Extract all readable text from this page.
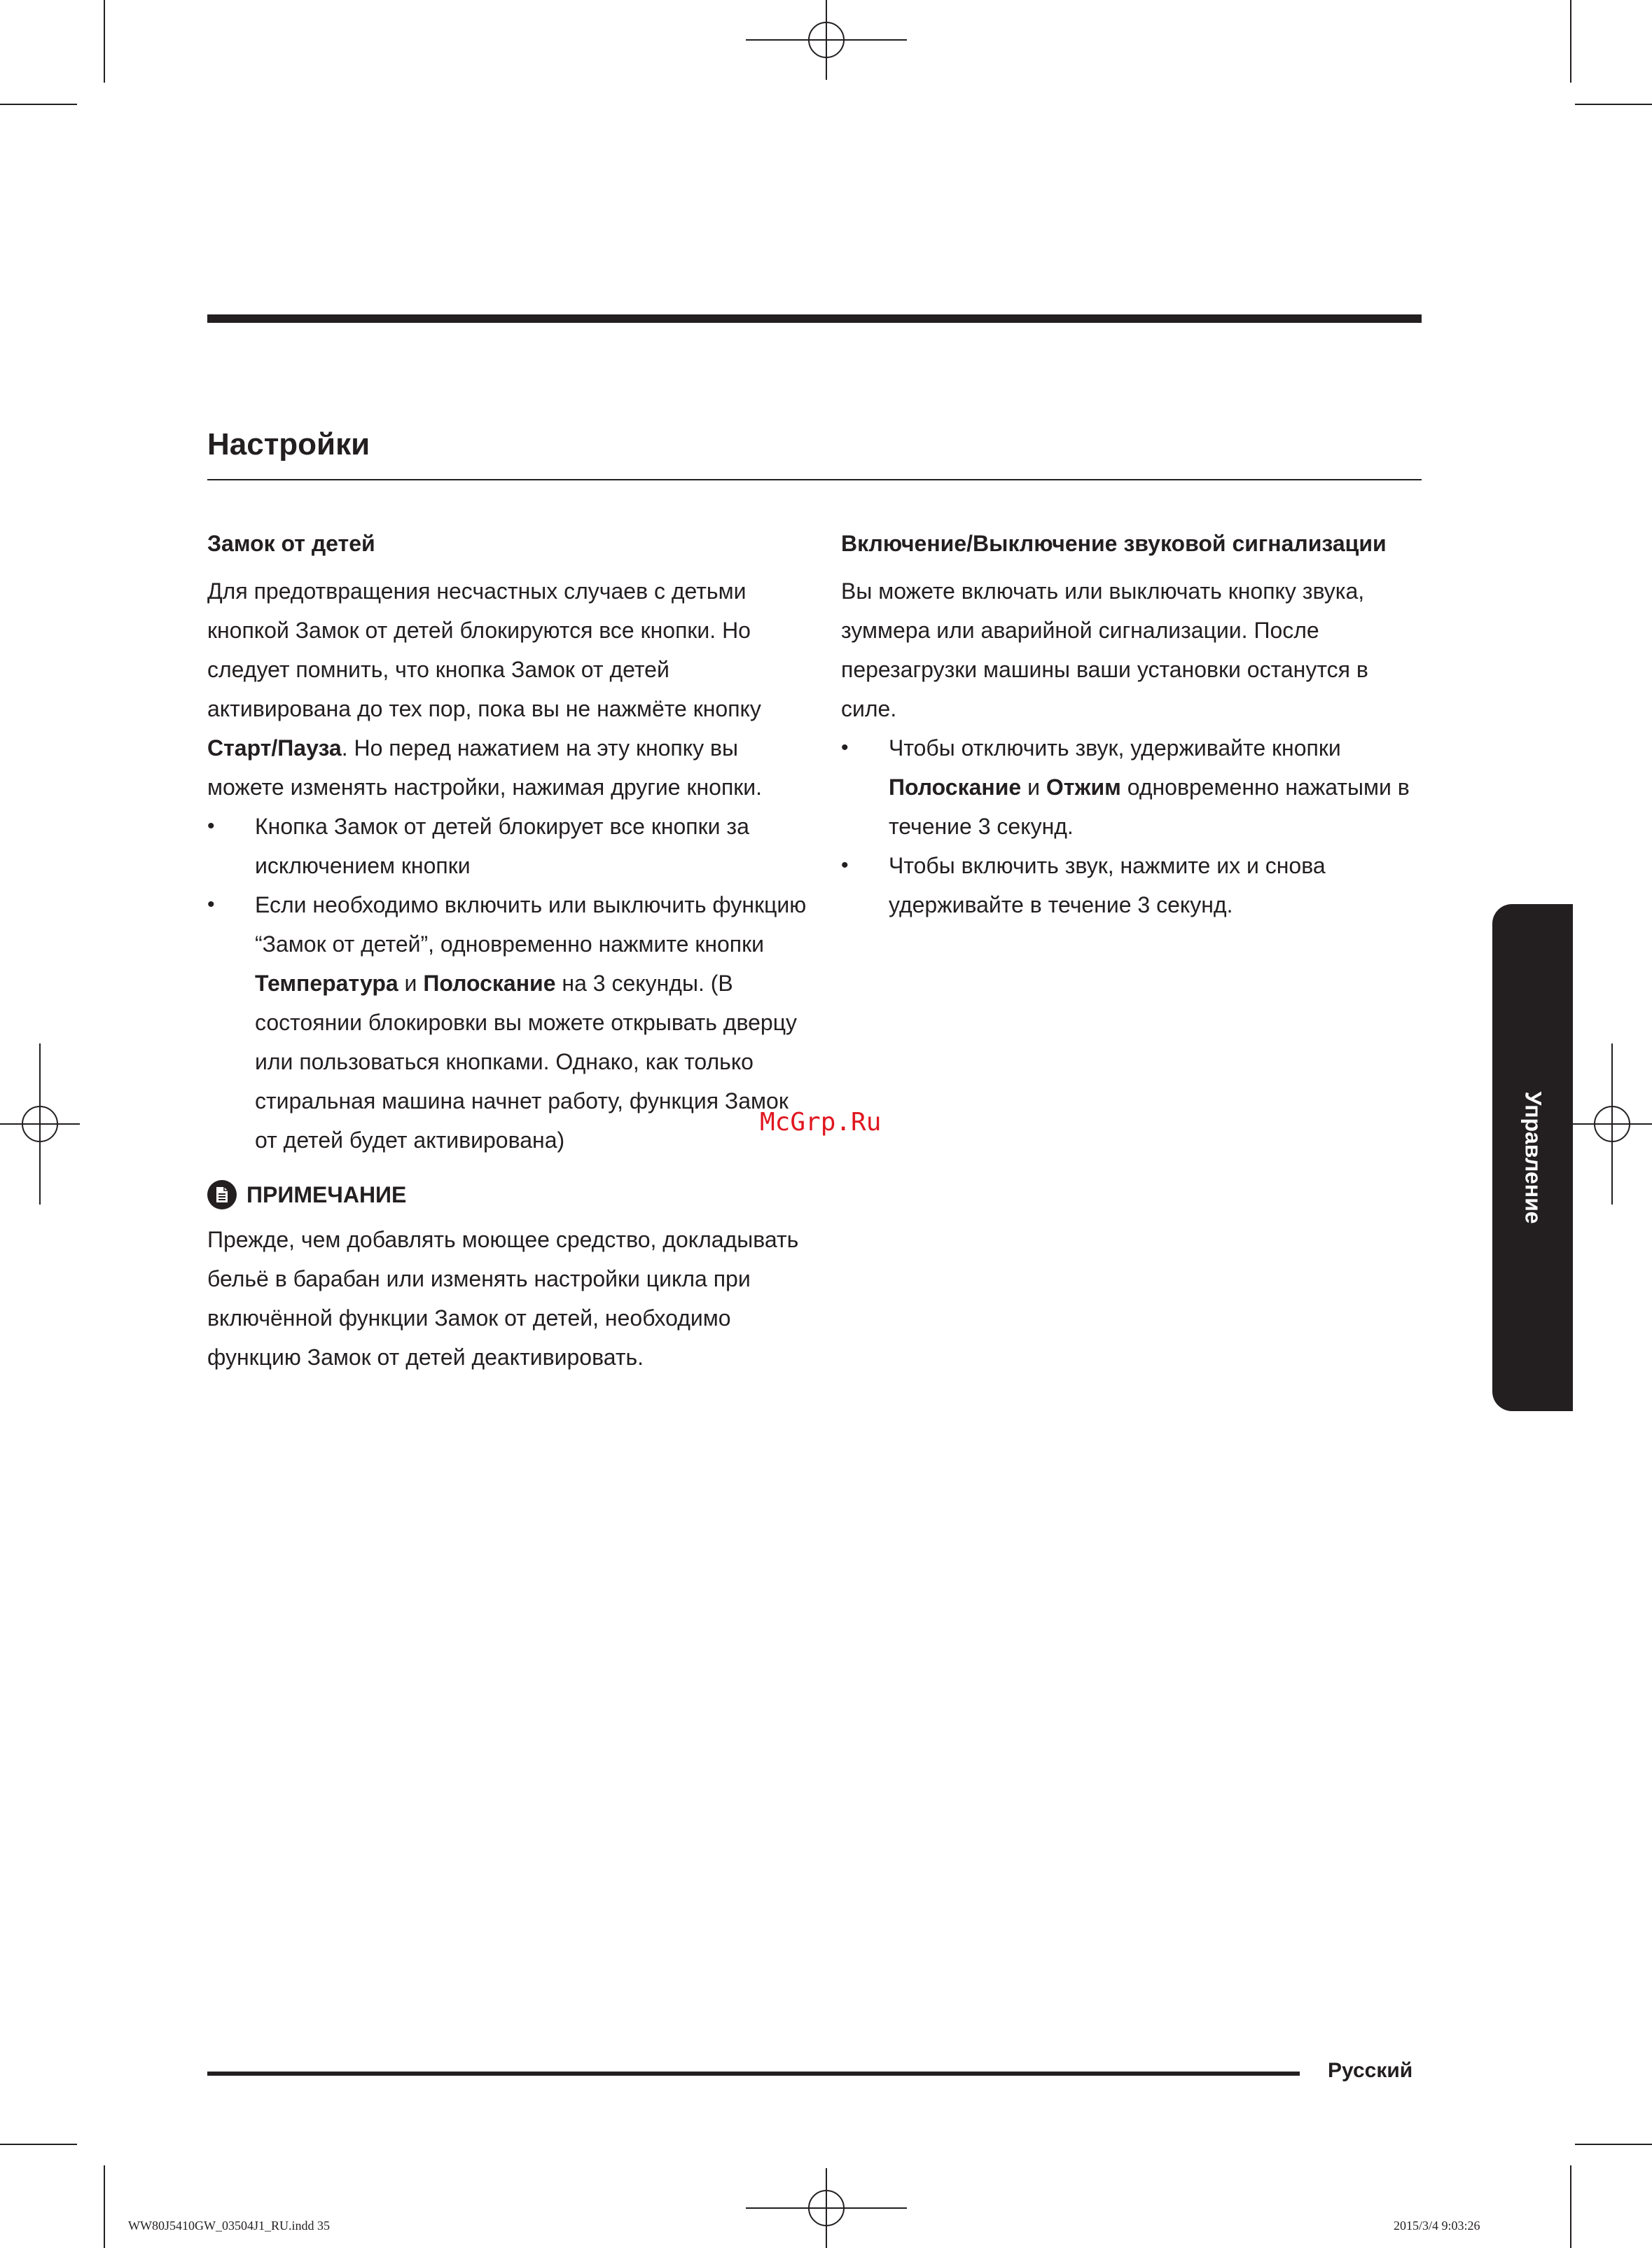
Настройки
Замок от детей

Для предотвращения несчастных случаев с детьми кнопкой Замок от детей блокируются все кнопки. Но следует помнить, что кнопка Замок от детей активирована до тех пор, пока вы не нажмёте кнопку Старт/Пауза. Но перед нажатием на эту кнопку вы можете изменять настройки, нажимая другие кнопки.

• Кнопка Замок от детей блокирует все кнопки за исключением кнопки
• Если необходимо включить или выключить функцию “Замок от детей”, одновременно нажмите кнопки Температура и Полоскание на 3 секунды. (В состоянии блокировки вы можете открывать дверцу или пользоваться кнопками. Однако, как только стиральная машина начнет работу, функция Замок от детей будет активирована)
ПРИМЕЧАНИЕ

Прежде, чем добавлять моющее средство, докладывать бельё в барабан или изменять настройки цикла при включённой функции Замок от детей, необходимо функцию Замок от детей деактивировать.

Включение/Выключение звуковой сигнализации

Вы можете включать или выключать кнопку звука, зуммера или аварийной сигнализации. После перезагрузки машины ваши установки останутся в силе.

• Чтобы отключить звук, удерживайте кнопки Полоскание и Отжим одновременно нажатыми в течение 3 секунд.
• Чтобы включить звук, нажмите их и снова удерживайте в течение 3 секунд.
Управление
McGrp.Ru
Русский
WW80J5410GW_03504J1_RU.indd 35	2015/3/4 9:03:26
